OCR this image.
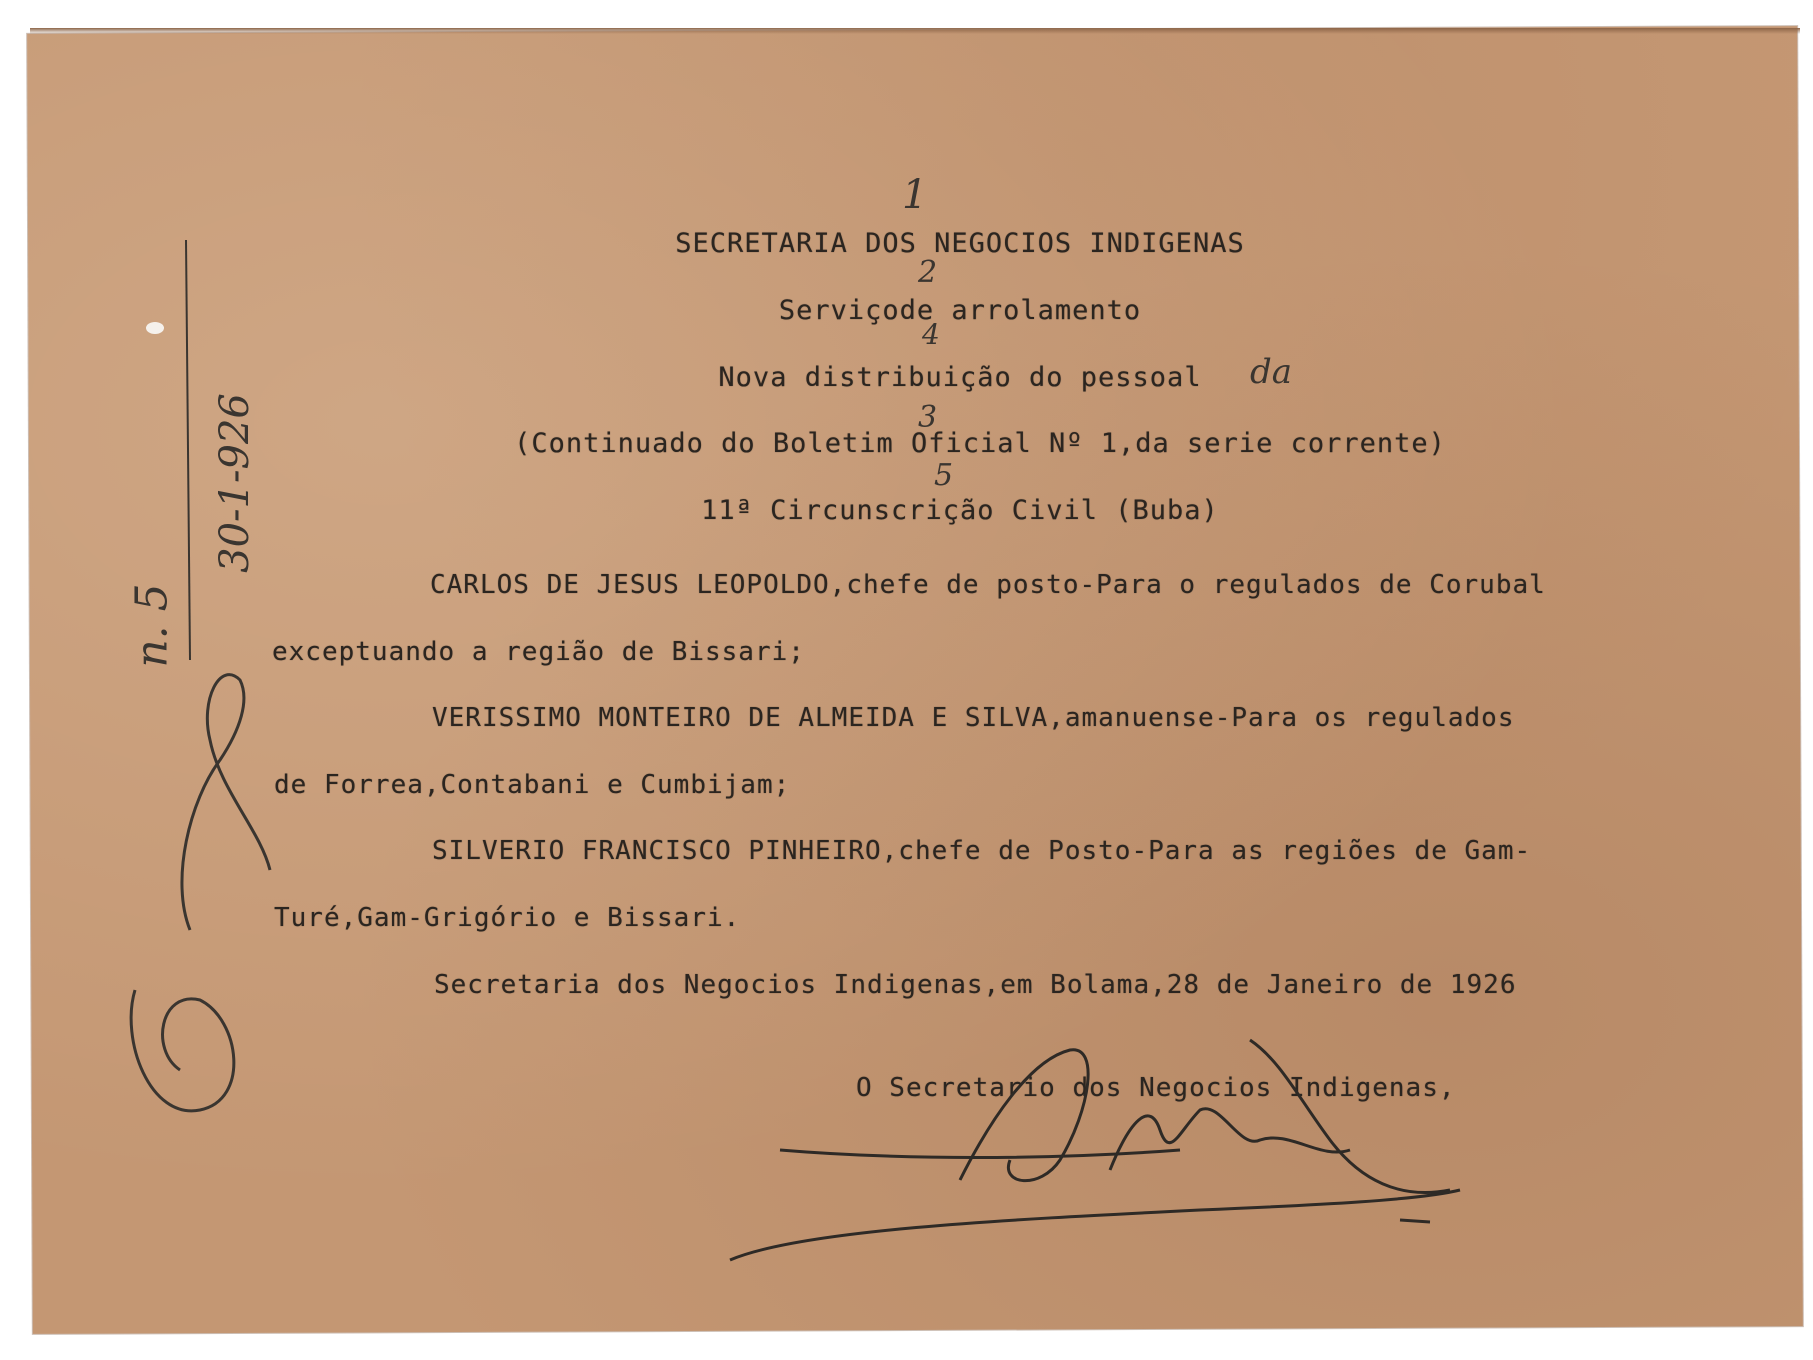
SECRETARIA DOS NEGOCIOS INDIGENAS
Serviçode arrolamento
Nova distribuição do pessoal
(Continuado do Boletim Oficial Nº 1,da serie corrente)
11ª Circunscrição Civil (Buba)
CARLOS DE JESUS LEOPOLDO,chefe de posto-Para o regulados de Corubal
exceptuando a região de Bissari;
VERISSIMO MONTEIRO DE ALMEIDA E SILVA,amanuense-Para os regulados
de Forrea,Contabani e Cumbijam;
SILVERIO FRANCISCO PINHEIRO,chefe de Posto-Para as regiões de Gam-
Turé,Gam-Grigório e Bissari.
Secretaria dos Negocios Indigenas,em Bolama,28 de Janeiro de 1926
O Secretario dos Negocios Indigenas,
da
1
2
4
3
5
30-1-926
n. 5
